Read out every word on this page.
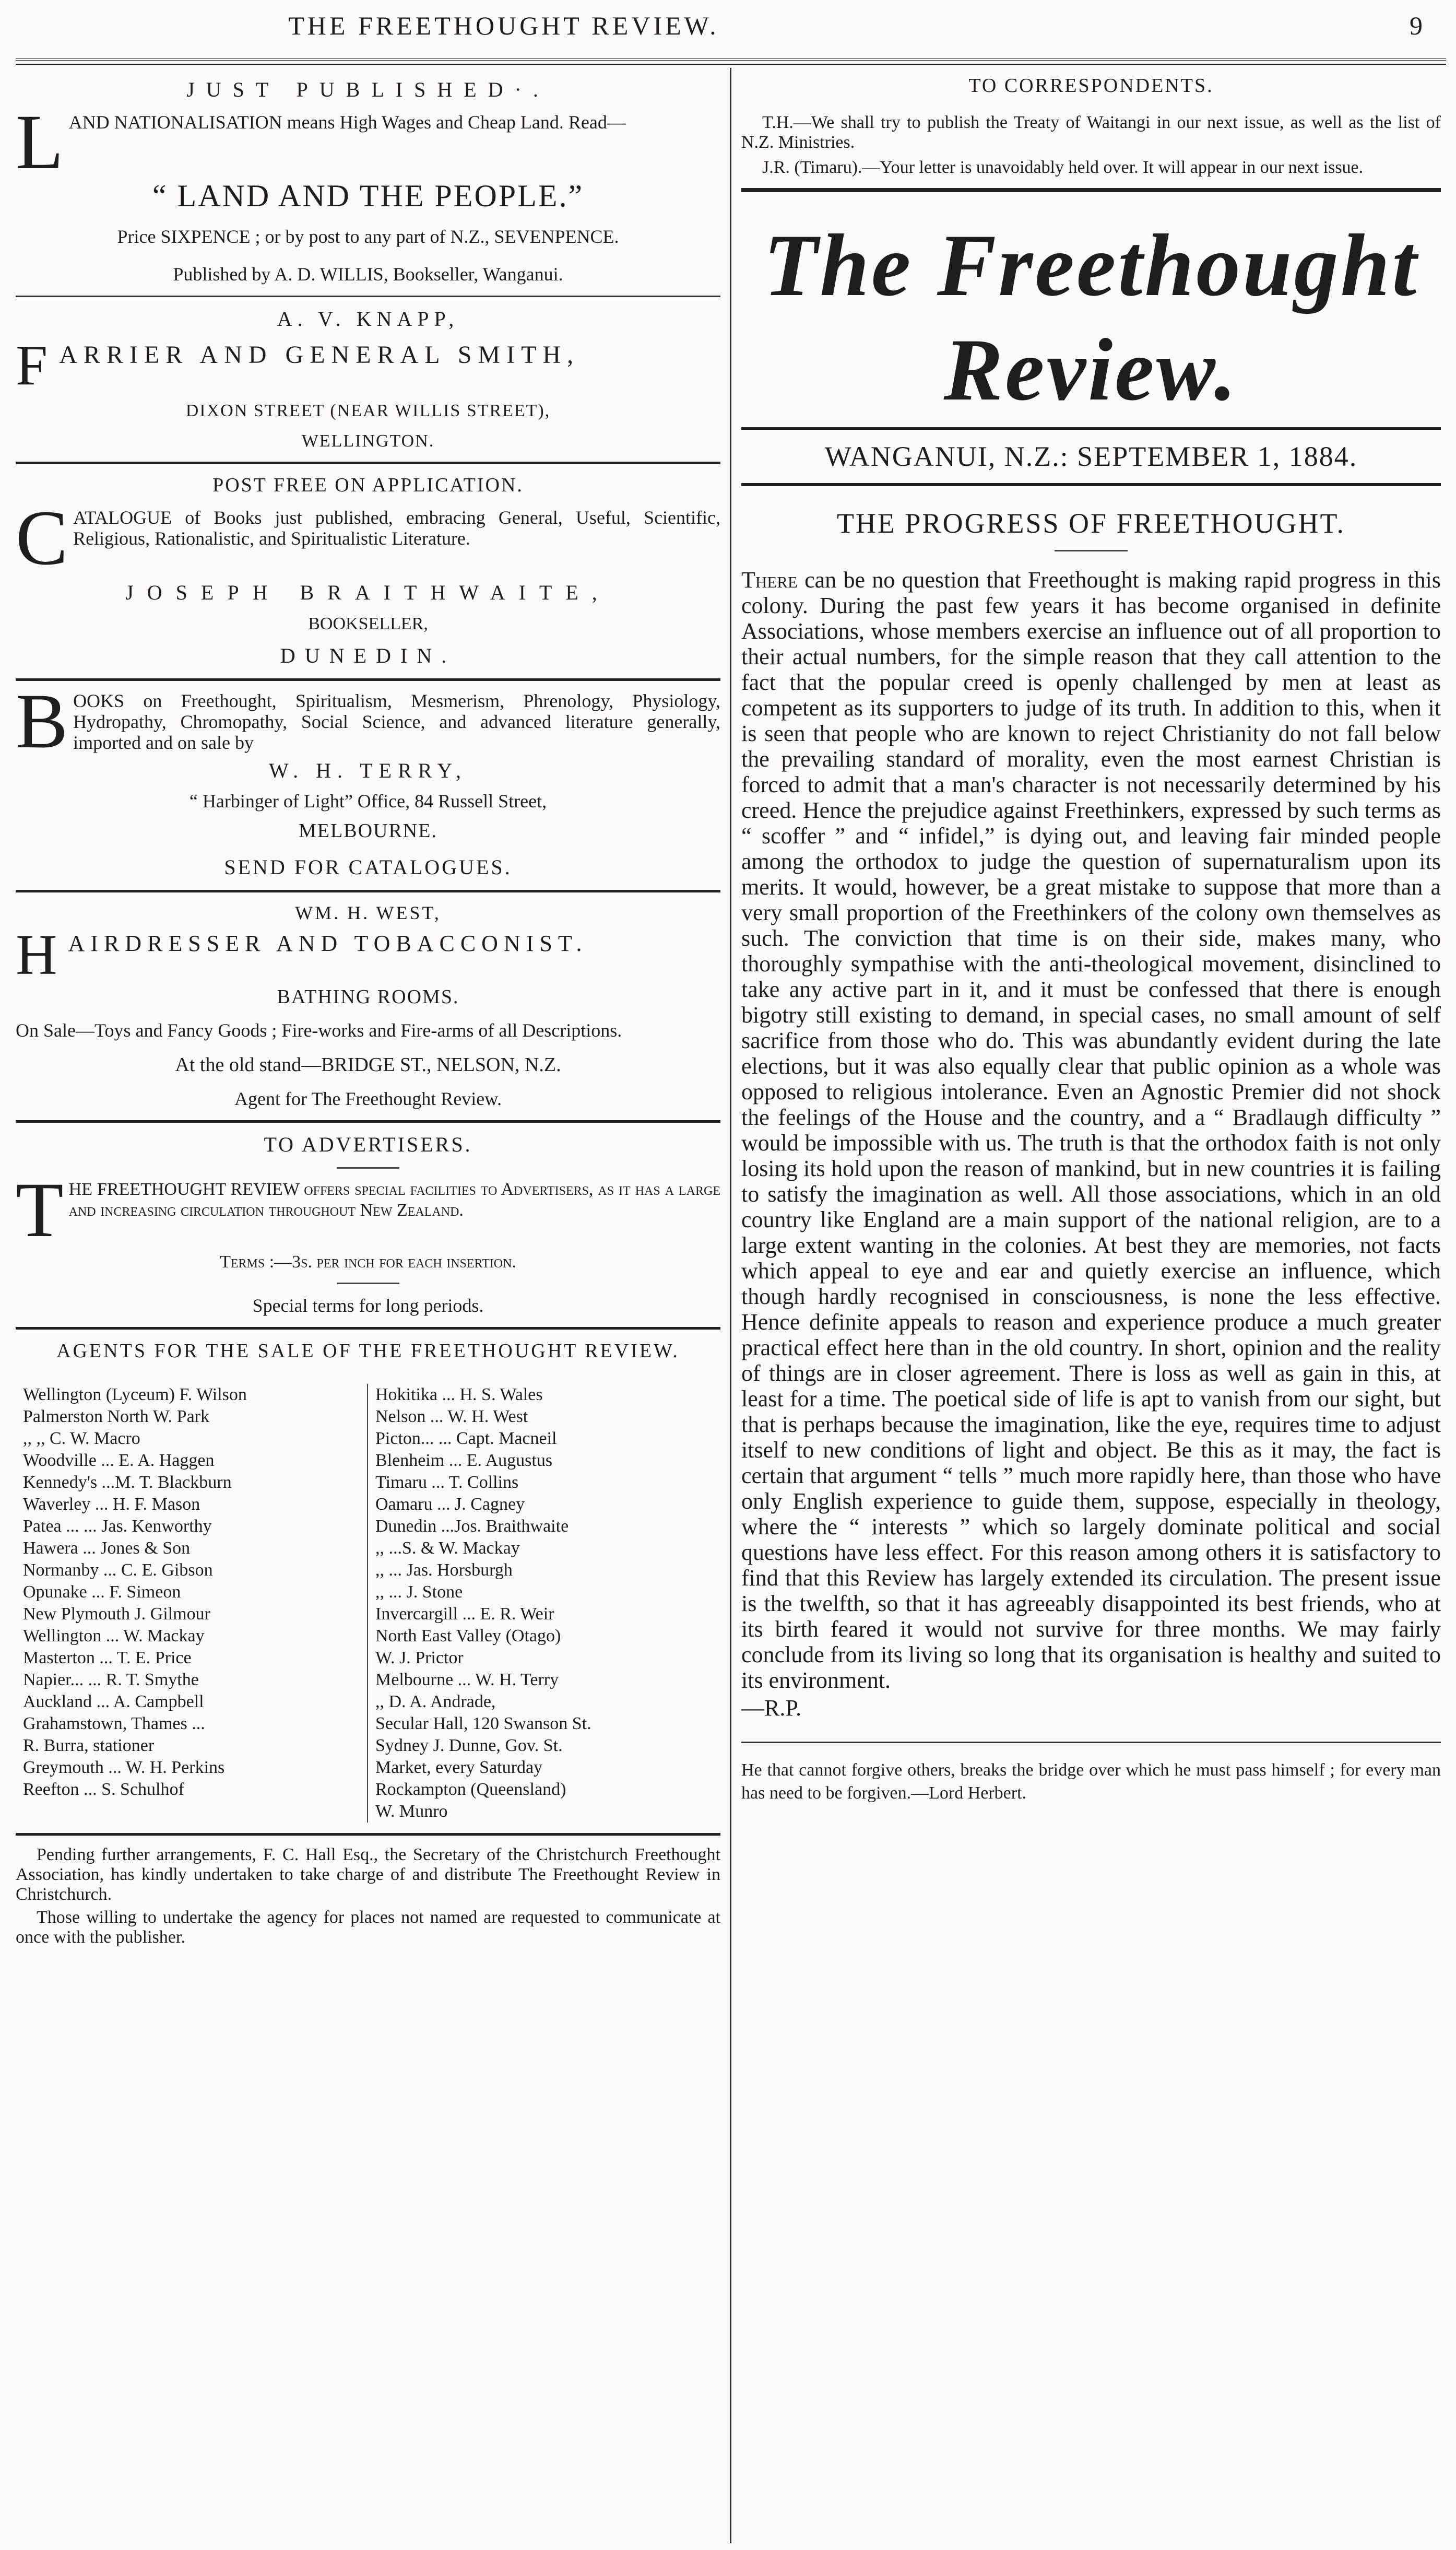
THE FREETHOUGHT REVIEW.	9
JUST PUBLISHED·.
L AND NATIONALISATION means High Wages and Cheap Land. Read—
“ LAND AND THE PEOPLE.”
Price SIXPENCE ; or by post to any part of N.Z., SEVENPENCE.
Published by A. D. WILLIS, Bookseller, Wanganui.
A. V. KNAPP,
F ARRIER AND GENERAL SMITH,
DIXON STREET (NEAR WILLIS STREET),
WELLINGTON.
POST FREE ON APPLICATION.
C ATALOGUE of Books just published, embracing General, Useful, Scientific, Religious, Rationalistic, and Spiritualistic Literature.
JOSEPH BRAITHWAITE,
BOOKSELLER,
DUNEDIN.
B OOKS on Freethought, Spiritualism, Mesmerism, Phrenology, Physiology, Hydropathy, Chromopathy, Social Science, and advanced literature generally, imported and on sale by
W. H. TERRY,
“ Harbinger of Light” Office, 84 Russell Street,
MELBOURNE.
SEND FOR CATALOGUES.
WM. H. WEST,
H AIRDRESSER AND TOBACCONIST.
BATHING ROOMS.
On Sale—Toys and Fancy Goods ; Fire-works and Fire-arms of all Descriptions.
At the old stand—BRIDGE ST., NELSON, N.Z.
Agent for The Freethought Review.
TO ADVERTISERS.
T HE FREETHOUGHT REVIEW offers special facilities to Advertisers, as it has a large and increasing circulation throughout New Zealand.
Terms :—3s. per inch for each insertion.
Special terms for long periods.
AGENTS FOR THE SALE OF THE FREETHOUGHT REVIEW.
Wellington (Lyceum) F. Wilson
Palmerston North W. Park
,, ,, C. W. Macro
Woodville ... E. A. Haggen
Kennedy's ...M. T. Blackburn
Waverley ... H. F. Mason
Patea ... ... Jas. Kenworthy
Hawera ... Jones & Son
Normanby ... C. E. Gibson
Opunake ... F. Simeon
New Plymouth J. Gilmour
Wellington ... W. Mackay
Masterton ... T. E. Price
Napier... ... R. T. Smythe
Auckland ... A. Campbell
Grahamstown, Thames ...
R. Burra, stationer
Greymouth ... W. H. Perkins
Reefton ... S. Schulhof
Hokitika ... H. S. Wales
Nelson ... W. H. West
Picton... ... Capt. Macneil
Blenheim ... E. Augustus
Timaru ... T. Collins
Oamaru ... J. Cagney
Dunedin ...Jos. Braithwaite
,, ...S. & W. Mackay
,, ... Jas. Horsburgh
,, ... J. Stone
Invercargill ... E. R. Weir
North East Valley (Otago)
W. J. Prictor
Melbourne ... W. H. Terry
,, D. A. Andrade,
Secular Hall, 120 Swanson St.
Sydney J. Dunne, Gov. St.
Market, every Saturday
Rockampton (Queensland)
W. Munro
Pending further arrangements, F. C. Hall Esq., the Secretary of the Christchurch Freethought Association, has kindly undertaken to take charge of and distribute The Freethought Review in Christchurch.
Those willing to undertake the agency for places not named are requested to communicate at once with the publisher.
TO CORRESPONDENTS.
T.H.—We shall try to publish the Treaty of Waitangi in our next issue, as well as the list of N.Z. Ministries.
J.R. (Timaru).—Your letter is unavoidably held over. It will appear in our next issue.
The Freethought Review.
WANGANUI, N.Z.: SEPTEMBER 1, 1884.
THE PROGRESS OF FREETHOUGHT.
There can be no question that Freethought is making rapid progress in this colony. During the past few years it has become organised in definite Associations, whose members exercise an influence out of all proportion to their actual numbers, for the simple reason that they call attention to the fact that the popular creed is openly challenged by men at least as competent as its supporters to judge of its truth. In addition to this, when it is seen that people who are known to reject Christianity do not fall below the prevailing standard of morality, even the most earnest Christian is forced to admit that a man's character is not necessarily determined by his creed. Hence the prejudice against Freethinkers, expressed by such terms as “ scoffer ” and “ infidel,” is dying out, and leaving fair minded people among the orthodox to judge the question of supernaturalism upon its merits. It would, however, be a great mistake to suppose that more than a very small proportion of the Freethinkers of the colony own themselves as such. The conviction that time is on their side, makes many, who thoroughly sympathise with the anti-theological movement, disinclined to take any active part in it, and it must be confessed that there is enough bigotry still existing to demand, in special cases, no small amount of self sacrifice from those who do. This was abundantly evident during the late elections, but it was also equally clear that public opinion as a whole was opposed to religious intolerance. Even an Agnostic Premier did not shock the feelings of the House and the country, and a “ Bradlaugh difficulty ” would be impossible with us. The truth is that the orthodox faith is not only losing its hold upon the reason of mankind, but in new countries it is failing to satisfy the imagination as well. All those associations, which in an old country like England are a main support of the national religion, are to a large extent wanting in the colonies. At best they are memories, not facts which appeal to eye and ear and quietly exercise an influence, which though hardly recognised in consciousness, is none the less effective. Hence definite appeals to reason and experience produce a much greater practical effect here than in the old country. In short, opinion and the reality of things are in closer agreement. There is loss as well as gain in this, at least for a time. The poetical side of life is apt to vanish from our sight, but that is perhaps because the imagination, like the eye, requires time to adjust itself to new conditions of light and object. Be this as it may, the fact is certain that argument “ tells ” much more rapidly here, than those who have only English experience to guide them, suppose, especially in theology, where the “ interests ” which so largely dominate political and social questions have less effect. For this reason among others it is satisfactory to find that this Review has largely extended its circulation. The present issue is the twelfth, so that it has agreeably disappointed its best friends, who at its birth feared it would not survive for three months. We may fairly conclude from its living so long that its organisation is healthy and suited to its environment.
—R.P.
He that cannot forgive others, breaks the bridge over which he must pass himself ; for every man has need to be forgiven.—Lord Herbert.
